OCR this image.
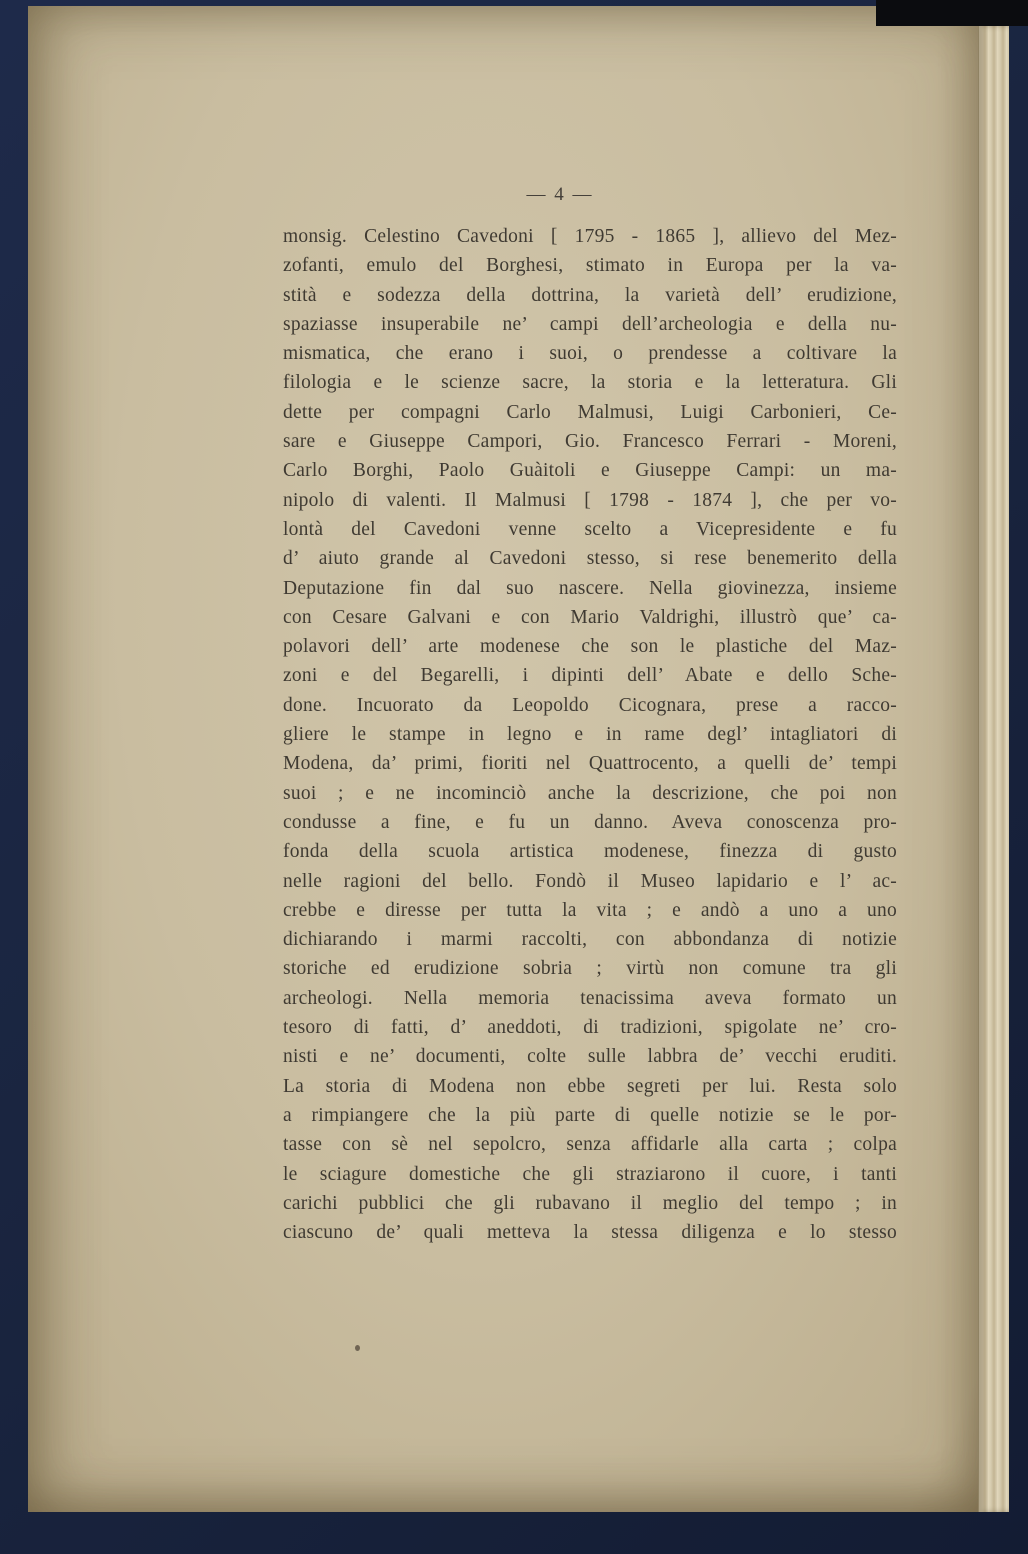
— 4 —
monsig. Celestino Cavedoni [ 1795 - 1865 ], allievo del Mez-
zofanti, emulo del Borghesi, stimato in Europa per la va-
stità e sodezza della dottrina, la varietà dell’ erudizione,
spaziasse insuperabile ne’ campi dell’archeologia e della nu-
mismatica, che erano i suoi, o prendesse a coltivare la
filologia e le scienze sacre, la storia e la letteratura. Gli
dette per compagni Carlo Malmusi, Luigi Carbonieri, Ce-
sare e Giuseppe Campori, Gio. Francesco Ferrari - Moreni,
Carlo Borghi, Paolo Guàitoli e Giuseppe Campi: un ma-
nipolo di valenti. Il Malmusi [ 1798 - 1874 ], che per vo-
lontà del Cavedoni venne scelto a Vicepresidente e fu
d’ aiuto grande al Cavedoni stesso, si rese benemerito della
Deputazione fin dal suo nascere. Nella giovinezza, insieme
con Cesare Galvani e con Mario Valdrighi, illustrò que’ ca-
polavori dell’ arte modenese che son le plastiche del Maz-
zoni e del Begarelli, i dipinti dell’ Abate e dello Sche-
done. Incuorato da Leopoldo Cicognara, prese a racco-
gliere le stampe in legno e in rame degl’ intagliatori di
Modena, da’ primi, fioriti nel Quattrocento, a quelli de’ tempi
suoi ; e ne incominciò anche la descrizione, che poi non
condusse a fine, e fu un danno. Aveva conoscenza pro-
fonda della scuola artistica modenese, finezza di gusto
nelle ragioni del bello. Fondò il Museo lapidario e l’ ac-
crebbe e diresse per tutta la vita ; e andò a uno a uno
dichiarando i marmi raccolti, con abbondanza di notizie
storiche ed erudizione sobria ; virtù non comune tra gli
archeologi. Nella memoria tenacissima aveva formato un
tesoro di fatti, d’ aneddoti, di tradizioni, spigolate ne’ cro-
nisti e ne’ documenti, colte sulle labbra de’ vecchi eruditi.
La storia di Modena non ebbe segreti per lui. Resta solo
a rimpiangere che la più parte di quelle notizie se le por-
tasse con sè nel sepolcro, senza affidarle alla carta ; colpa
le sciagure domestiche che gli straziarono il cuore, i tanti
carichi pubblici che gli rubavano il meglio del tempo ; in
ciascuno de’ quali metteva la stessa diligenza e lo stesso
